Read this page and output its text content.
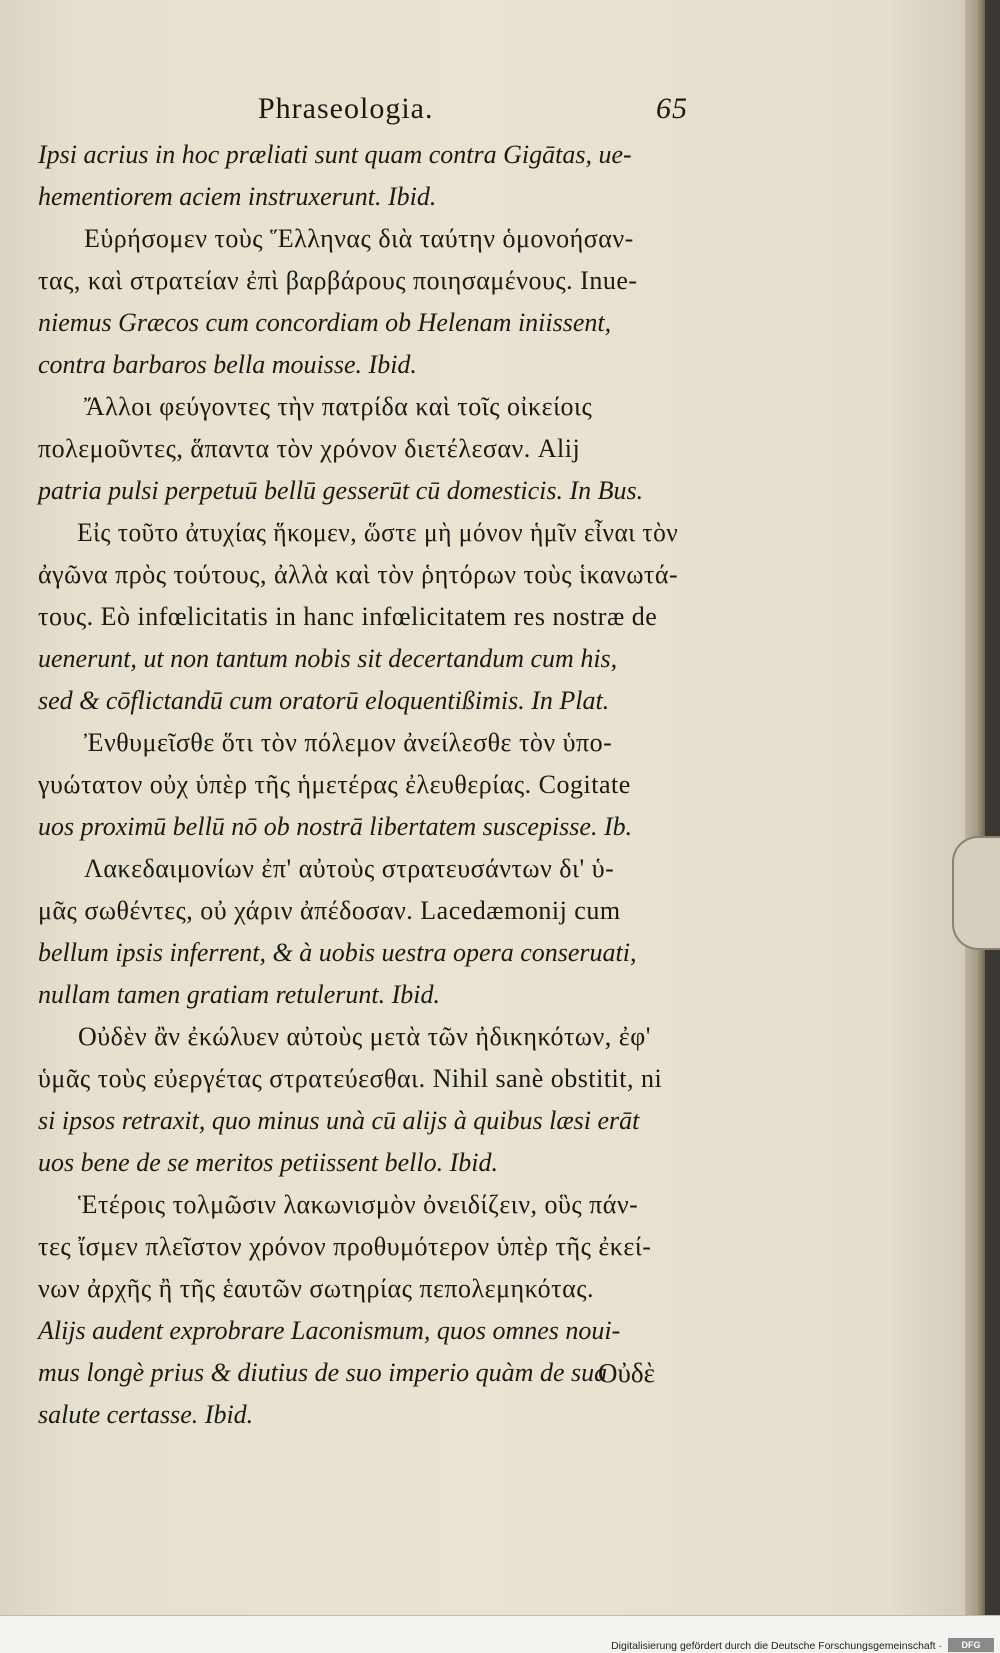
Phraseologia.	65
Ipsi acrius in hoc præliati sunt quam contra Gigātas, ue-
hementiorem aciem instruxerunt. Ibid.
Εὑρήσομεν τοὺς Ἕλληνας διὰ ταύτην ὁμονοήσαν-
τας, καὶ στρατείαν ἐπὶ βαρβάρους ποιησαμένους. Inue-
niemus Græcos cum concordiam ob Helenam iniissent,
contra barbaros bella mouisse. Ibid.
Ἄλλοι φεύγοντες τὴν πατρίδα καὶ τοῖς οἰκείοις
πολεμοῦντες, ἅπαντα τὸν χρόνον διετέλεσαν. Alij
patria pulsi perpetuū bellū gesserūt cū domesticis. In Bus.
Εἰς τοῦτο ἀτυχίας ἥκομεν, ὥστε μὴ μόνον ἡμῖν εἶναι τὸν
ἀγῶνα πρὸς τούτους, ἀλλὰ καὶ τὸν ῥητόρων τοὺς ἱκανωτά-
τους. Eò infœlicitatis in hanc infœlicitatem res nostræ de
uenerunt, ut non tantum nobis sit decertandum cum his,
sed & cōflictandū cum oratorū eloquentißimis. In Plat.
Ἐνθυμεῖσθε ὅτι τὸν πόλεμον ἀνείλεσθε τὸν ὑπο-
γυώτατον οὐχ ὑπὲρ τῆς ἡμετέρας ἐλευθερίας. Cogitate
uos proximū bellū nō ob nostrā libertatem suscepisse. Ib.
Λακεδαιμονίων ἐπ' αὐτοὺς στρατευσάντων δι' ὑ-
μᾶς σωθέντες, οὐ χάριν ἀπέδοσαν. Lacedæmonij cum
bellum ipsis inferrent, & à uobis uestra opera conseruati,
nullam tamen gratiam retulerunt. Ibid.
Οὐδὲν ἂν ἐκώλυεν αὐτοὺς μετὰ τῶν ἠδικηκότων, ἐφ'
ὑμᾶς τοὺς εὐεργέτας στρατεύεσθαι. Nihil sanè obstitit, ni
si ipsos retraxit, quo minus unà cū alijs à quibus læsi erāt
uos bene de se meritos petiissent bello. Ibid.
Ἑτέροις τολμῶσιν λακωνισμὸν ὀνειδίζειν, οὓς πάν-
τες ἴσμεν πλεῖστον χρόνον προθυμότερον ὑπὲρ τῆς ἐκεί-
νων ἀρχῆς ἢ τῆς ἑαυτῶν σωτηρίας πεπολεμηκότας.
Alijs audent exprobrare Laconismum, quos omnes noui-
mus longè prius & diutius de suo imperio quàm de sua
salute certasse. Ibid.
Οὐδὲ
Digitalisierung gefördert durch die Deutsche Forschungsgemeinschaft ·	DFG
